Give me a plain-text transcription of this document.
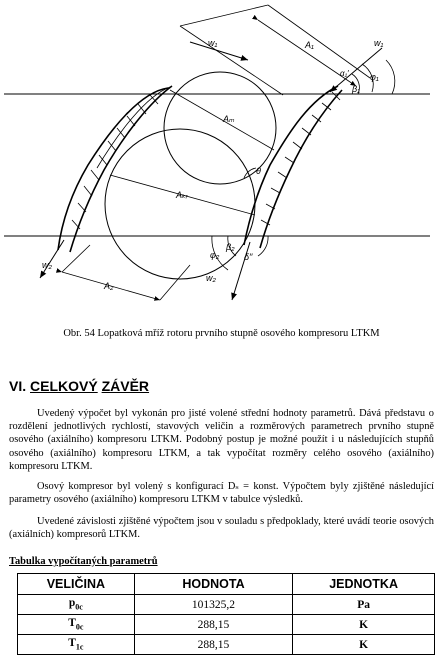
w₁	w₁
A₁
Aₘ
Aₖᵣ
A₂
w₂
w₂
α₁′
β₁
φ₁
β₂
φ₂	δ′′
θ
Obr. 54 Lopatková mříž rotoru prvního stupně osového kompresoru LTKM
VI. CELKOVÝ ZÁVĚR

Uvedený výpočet byl vykonán pro jisté volené střední hodnoty parametrů. Dává představu o rozdělení jednotlivých rychlostí, stavových veličin a rozměrových parametrech prvního stupně osového (axiálního) kompresoru LTKM. Podobný postup je možné použít i u následujících stupňů osového (axiálního) kompresoru LTKM, a tak vypočítat rozměry celého osového (axiálního) kompresoru LTKM.

Osový kompresor byl volený s konfigurací Dₛ = konst. Výpočtem byly zjištěné následující parametry osového (axiálního) kompresoru LTKM v tabulce výsledků.

Uvedené závislosti zjištěné výpočtem jsou v souladu s předpoklady, které uvádí teorie osových (axiálních) kompresorů LTKM.

Tabulka vypočítaných parametrů
VELIČINA	HODNOTA	JEDNOTKA
$p_{0c}$	101325,2	Pa
$T_{0c}$	288,15	K
$T_{1c}$	288,15	K
